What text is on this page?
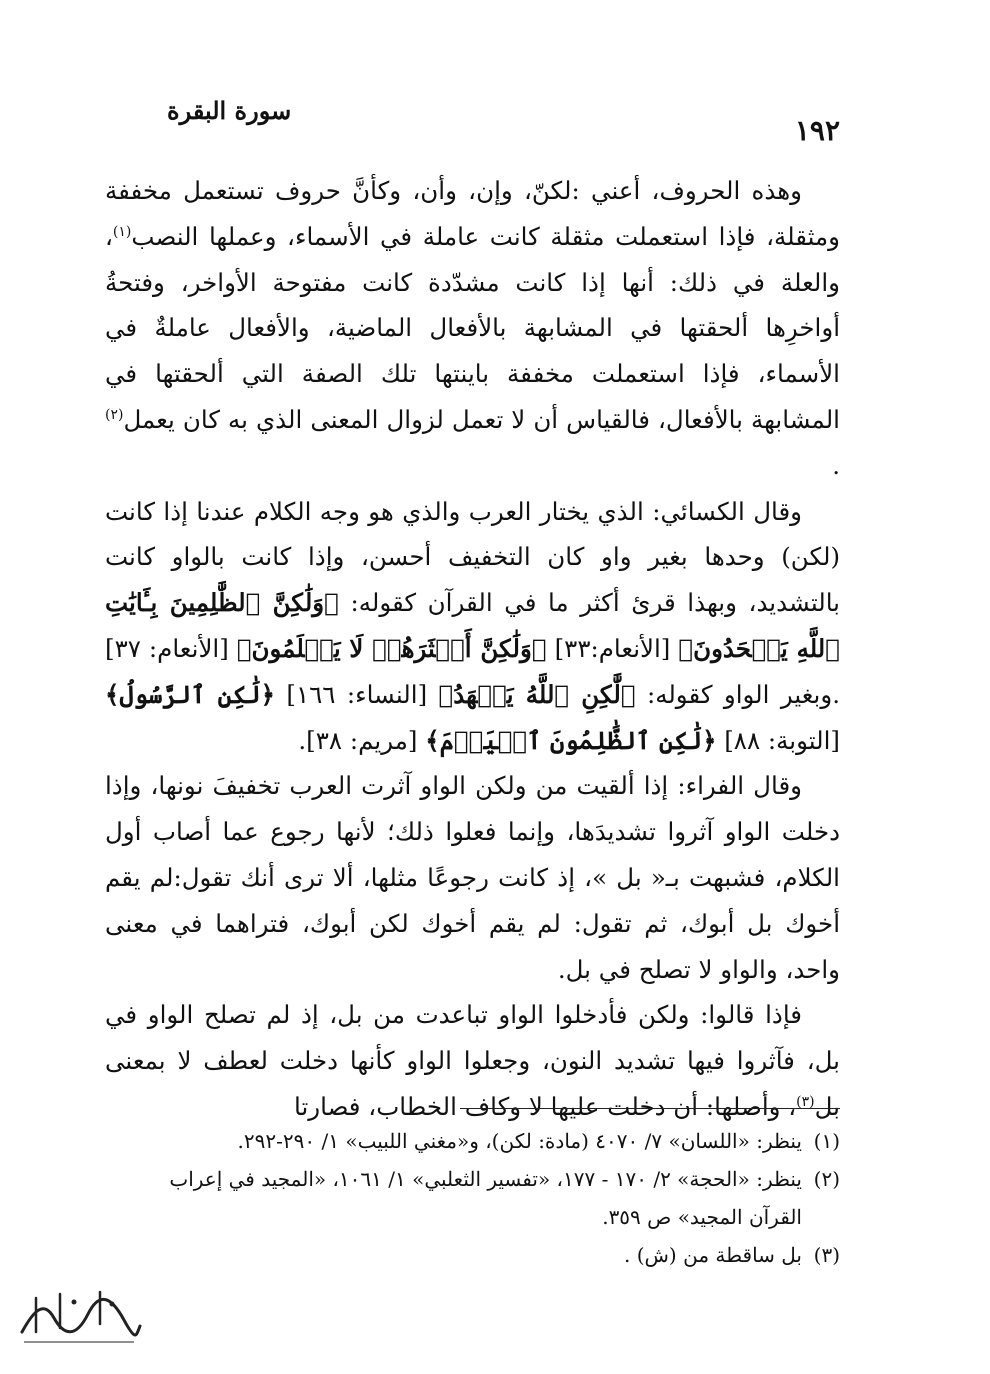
سورة البقرة
١٩٢

وهذه الحروف، أعني :لكنّ، وإن، وأن، وكأنَّ حروف تستعمل مخففة ومثقلة، فإذا استعملت مثقلة كانت عاملة في الأسماء، وعملها النصب$^{(١)}$، والعلة في ذلك: أنها إذا كانت مشدّدة كانت مفتوحة الأواخر، وفتحةُ أواخرِها ألحقتها في المشابهة بالأفعال الماضية، والأفعال عاملةٌ في الأسماء، فإذا استعملت مخففة باينتها تلك الصفة التي ألحقتها في المشابهة بالأفعال، فالقياس أن لا تعمل لزوال المعنى الذي به كان يعمل$^{(٢)}$ .

وقال الكسائي: الذي يختار العرب والذي هو وجه الكلام عندنا إذا كانت (لكن) وحدها بغير واو كان التخفيف أحسن، وإذا كانت بالواو كانت بالتشديد، وبهذا قرئ أكثر ما في القرآن كقوله: ﴿وَلَٰكِنَّ ٱلظَّٰلِمِينَ بِـَٔايَٰتِ ٱللَّهِ يَجۡحَدُونَ﴾ [الأنعام:٣٣] ﴿وَلَٰكِنَّ أَكۡثَرَهُمۡ لَا يَعۡلَمُونَ﴾ [الأنعام: ٣٧] .وبغير الواو كقوله: ﴿لَّٰكِنِ ٱللَّهُ يَشۡهَدُ﴾ [النساء: ١٦٦] ﴿لَٰكِنِ ٱلرَّسُولُ﴾ [التوبة: ٨٨] ﴿لَٰكِنِ ٱلظَّٰلِمُونَ ٱلۡيَوۡمَ﴾ [مريم: ٣٨].

وقال الفراء: إذا ألقيت من ولكن الواو آثرت العرب تخفيفَ نونها، وإذا دخلت الواو آثروا تشديدَها، وإنما فعلوا ذلك؛ لأنها رجوع عما أصاب أول الكلام، فشبهت بـ« بل »، إذ كانت رجوعًا مثلها، ألا ترى أنك تقول:لم يقم أخوك بل أبوك، ثم تقول: لم يقم أخوك لكن أبوك، فتراهما في معنى واحد، والواو لا تصلح في بل.

فإذا قالوا: ولكن فأدخلوا الواو تباعدت من بل، إذ لم تصلح الواو في بل، فآثروا فيها تشديد النون، وجعلوا الواو كأنها دخلت لعطف لا بمعنى بل$^{(٣)}$، وأصلها: أن دخلت عليها لا وكاف الخطاب، فصارتا

(١)ينظر: «اللسان» ٧/ ٤٠٧٠ (مادة: لكن)، و«مغني اللبيب» ١/ ٢٩٠-٢٩٢.
(٢)ينظر: «الحجة» ٢/ ١٧٠ - ١٧٧، «تفسير الثعلبي» ١/ ١٠٦١، «المجيد في إعراب
القرآن المجيد» ص ٣٥٩.
(٣)بل ساقطة من (ش) .
